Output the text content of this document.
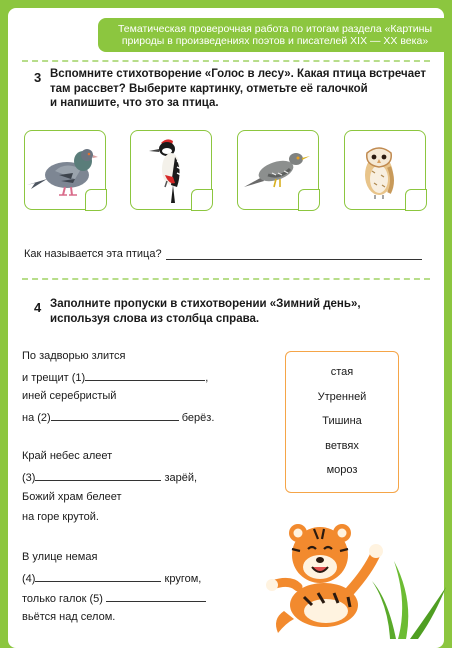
Тематическая проверочная работа по итогам раздела «Картины
природы в произведениях поэтов и писателей XIX — XX века»
3 Вспомните стихотворение «Голос в лесу». Какая птица встречает
там рассвет? Выберите картинку, отметьте её галочкой
и напишите, что это за птица.
Как называется эта птица?
4 Заполните пропуски в стихотворении «Зимний день»,
используя слова из столбца справа.
По задворью злится
и трещит (1)	,
иней серебристый
на (2)	берёз.
Край небес алеет
(3)	зарёй,
Божий храм белеет
на горе крутой.
В улице немая
(4)	кругом,
только галок (5)
вьётся над селом.
стая
Утренней
Тишина
ветвях
мороз
